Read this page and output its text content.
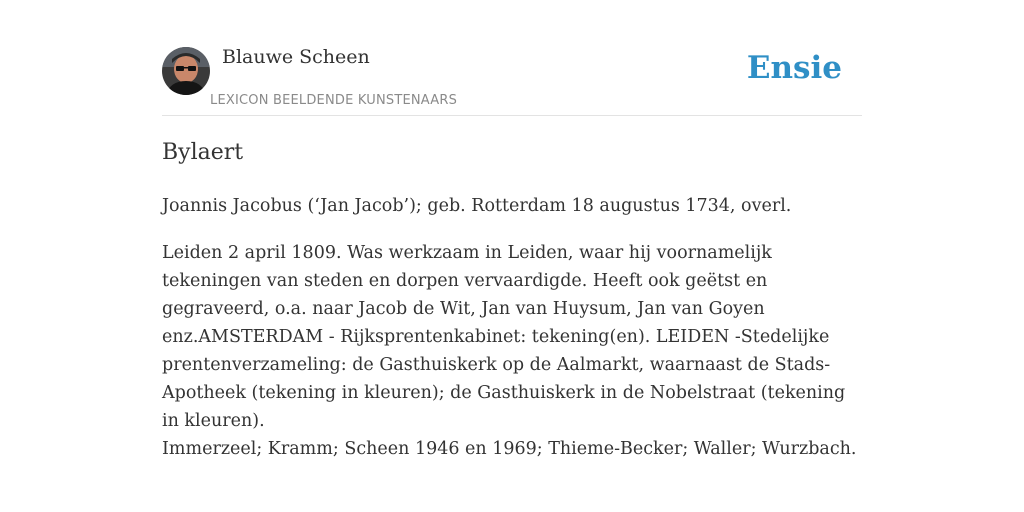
Blauwe Scheen
LEXICON BEELDENDE KUNSTENAARS
Ensie
Bylaert

Joannis Jacobus (‘Jan Jacob’); geb. Rotterdam 18 augustus 1734, overl.

Leiden 2 april 1809. Was werkzaam in Leiden, waar hij voornamelijk tekeningen van steden en dorpen vervaardigde. Heeft ook geëtst en gegraveerd, o.a. naar Jacob de Wit, Jan van Huysum, Jan van Goyen enz.AMSTERDAM - Rijksprentenkabinet: tekening(en). LEIDEN -Stedelijke prentenverzameling: de Gasthuiskerk op de Aalmarkt, waarnaast de Stads-Apotheek (tekening in kleuren); de Gasthuiskerk in de Nobelstraat (tekening in kleuren).

Immerzeel; Kramm; Scheen 1946 en 1969; Thieme-Becker; Waller; Wurzbach.
